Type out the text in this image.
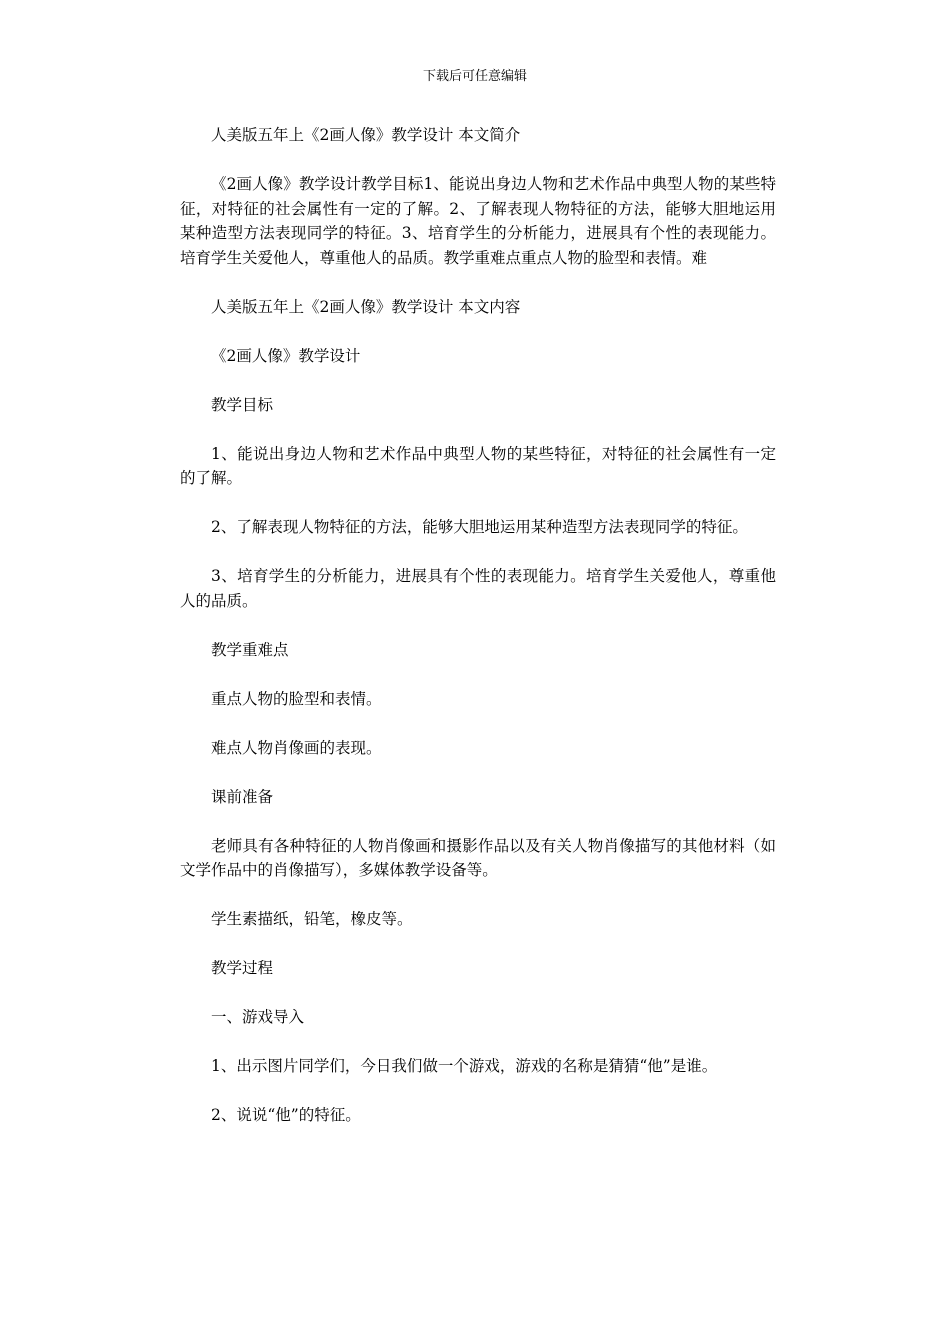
下载后可任意编辑

人美版五年上《2画人像》教学设计 本文简介

《2画人像》教学设计教学目标1、能说出身边人物和艺术作品中典型人物的某些特征，对特征的社会属性有一定的了解。2、了解表现人物特征的方法，能够大胆地运用某种造型方法表现同学的特征。3、培育学生的分析能力，进展具有个性的表现能力。培育学生关爱他人，尊重他人的品质。教学重难点重点人物的脸型和表情。难

人美版五年上《2画人像》教学设计 本文内容

《2画人像》教学设计

教学目标

1、能说出身边人物和艺术作品中典型人物的某些特征，对特征的社会属性有一定的了解。

2、了解表现人物特征的方法，能够大胆地运用某种造型方法表现同学的特征。

3、培育学生的分析能力，进展具有个性的表现能力。培育学生关爱他人，尊重他人的品质。

教学重难点

重点人物的脸型和表情。

难点人物肖像画的表现。

课前准备

老师具有各种特征的人物肖像画和摄影作品以及有关人物肖像描写的其他材料（如文学作品中的肖像描写），多媒体教学设备等。

学生素描纸，铅笔，橡皮等。

教学过程

一、游戏导入

1、出示图片同学们，今日我们做一个游戏，游戏的名称是猜猜“他”是谁。

2、说说“他”的特征。
